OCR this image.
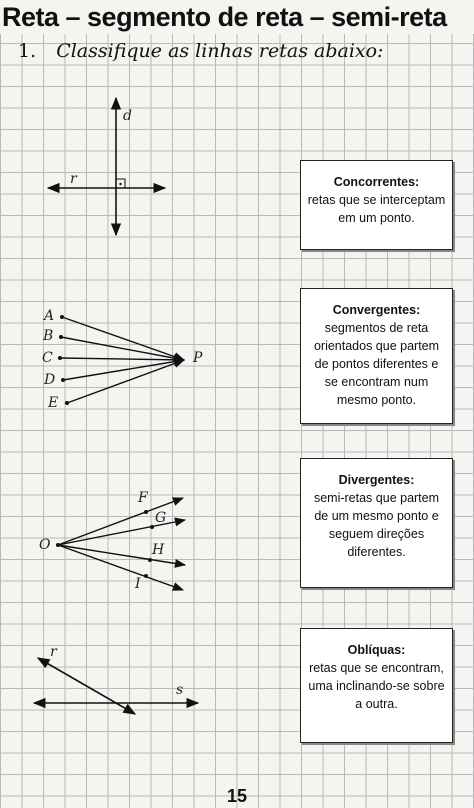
Reta – segmento de reta – semi-reta
1. Classifique as linhas retas abaixo:
d
r
A
B
C
D
E
P
O
F
G
H
I
r
s
Concorrentes:
retas que se interceptam em um ponto.
Convergentes:
segmentos de reta orientados que partem de pontos diferentes e se encontram num mesmo ponto.
Divergentes:
semi-retas que partem de um mesmo ponto e seguem direções diferentes.
Oblíquas:
retas que se encontram, uma inclinando-se sobre a outra.
15
